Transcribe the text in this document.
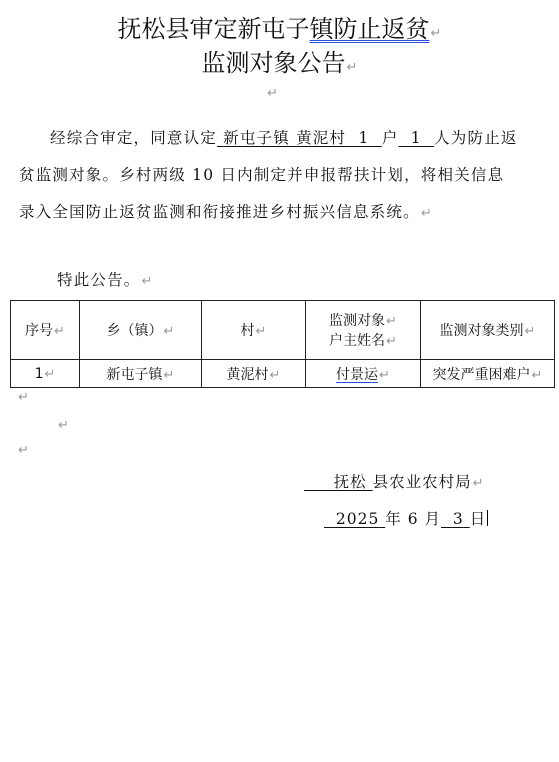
抚松县审定新屯子镇防止返贫↵
监测对象公告↵
↵

经综合审定，同意认定 新屯子镇 黄泥村 1 户 1 人为防止返贫监测对象。乡村两级 10 日内制定并申报帮扶计划，将相关信息录入全国防止返贫监测和衔接推进乡村振兴信息系统。↵

特此公告。↵
序号↵	乡（镇）↵	村↵	监测对象↵
户主姓名↵	监测对象类别↵
1↵	新屯子镇↵	黄泥村↵	付景运↵	突发严重困难户↵
↵
↵
↵
抚松 县农业农村局↵
2025 年 6 月 3 日
